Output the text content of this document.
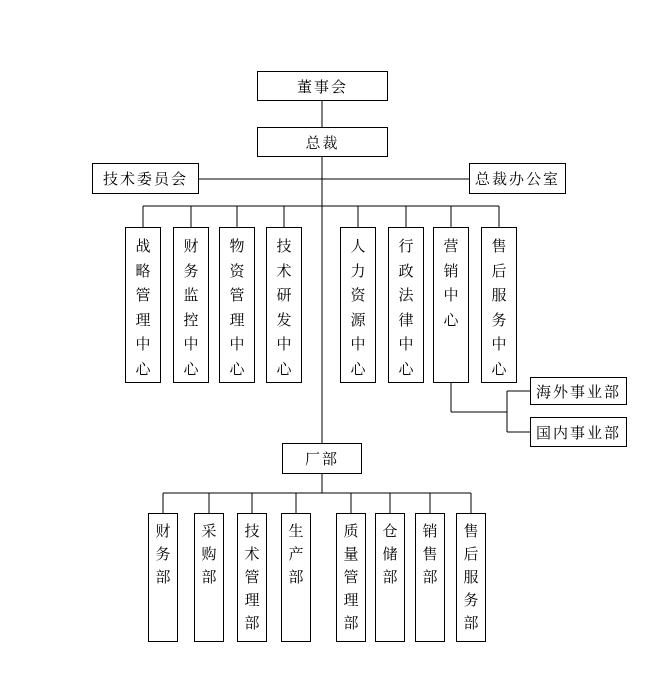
董事会
总裁
技术委员会	总裁办公室
战略管理中心
财务监控中心
物资管理中心
技术研发中心
人力资源中心
行政法律中心
营销中心
售后服务中心
海外事业部
国内事业部
厂部
财务部
采购部
技术管理部
生产部
质量管理部
仓储部
销售部
售后服务部
